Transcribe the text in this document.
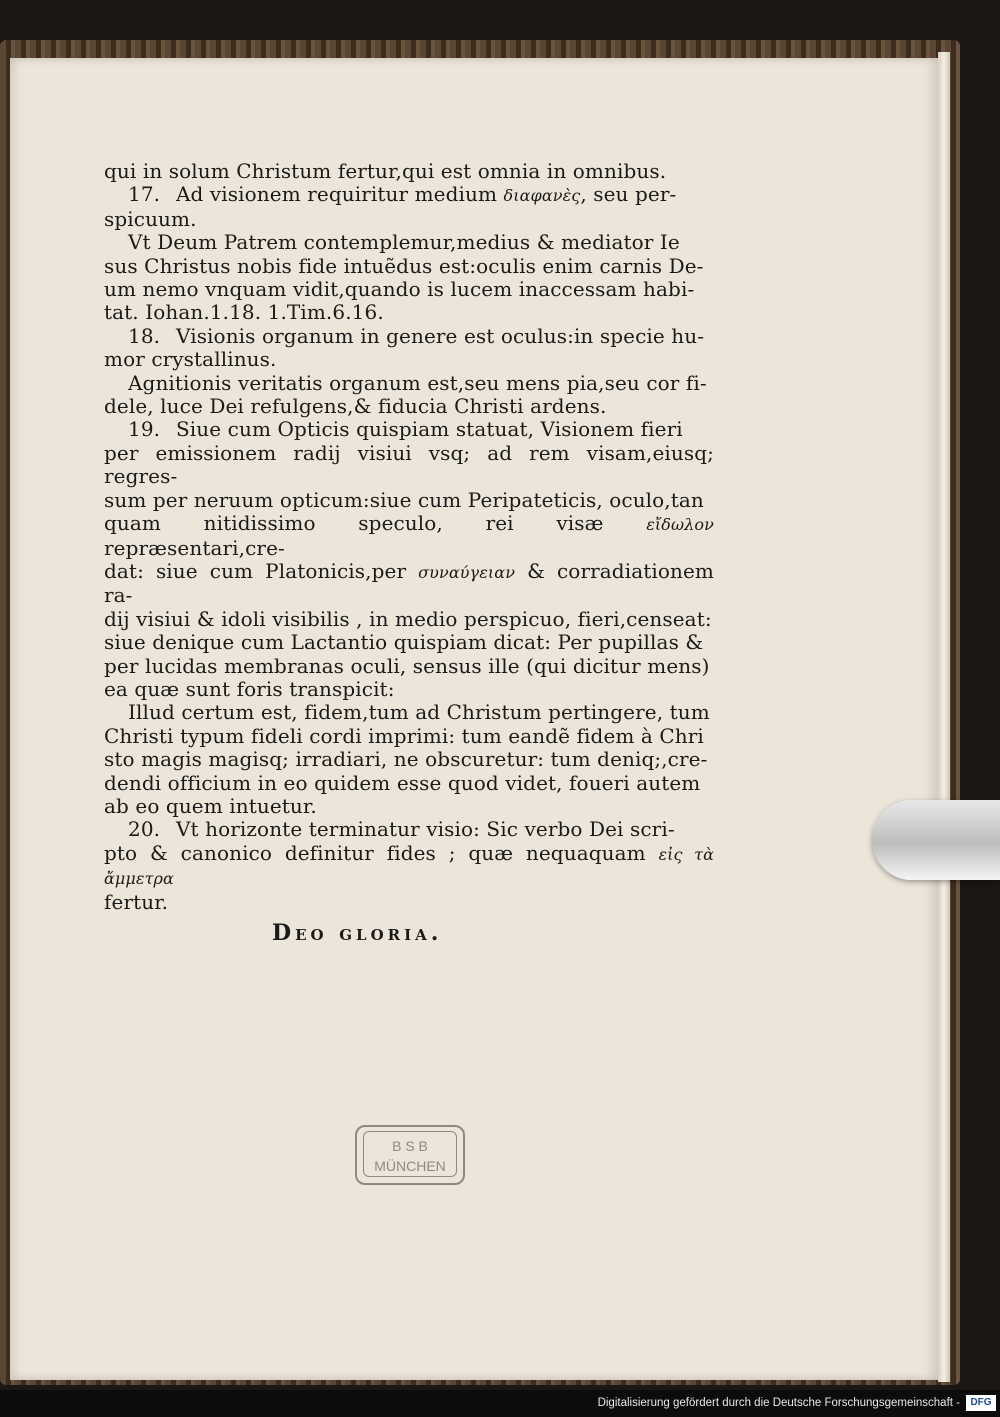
qui in solum Christum fertur,qui est omnia in omnibus.

17. Ad visionem requiritur medium διαφανὲς, seu per-

spicuum.

Vt Deum Patrem contemplemur,medius & mediator Ie

sus Christus nobis fide intuẽdus est:oculis enim carnis De-

um nemo vnquam vidit,quando is lucem inaccessam habi-

tat. Iohan.1.18. 1.Tim.6.16.

18. Visionis organum in genere est oculus:in specie hu-

mor crystallinus.

Agnitionis veritatis organum est,seu mens pia,seu cor fi-

dele, luce Dei refulgens,& fiducia Christi ardens.

19. Siue cum Opticis quispiam statuat, Visionem fieri

per emissionem radij visiui vsq; ad rem visam,eiusq; regres-

sum per neruum opticum:siue cum Peripateticis, oculo,tan

quam nitidissimo speculo, rei visæ	εἴδωλον repræsentari,cre-

dat: siue cum Platonicis,per συναύγειαν & corradiationem ra-

dij visiui & idoli visibilis , in medio perspicuo, fieri,censeat:

siue denique cum Lactantio quispiam dicat: Per pupillas &

per lucidas membranas oculi, sensus ille (qui dicitur mens)

ea quæ sunt foris transpicit:

Illud certum est, fidem,tum ad Christum pertingere, tum

Christi typum fideli cordi imprimi: tum eandẽ fidem à Chri

sto magis magisq; irradiari, ne obscuretur: tum deniq;,cre-

dendi officium in eo quidem esse quod videt, foueri autem

ab eo quem intuetur.

20. Vt horizonte terminatur visio: Sic verbo Dei scri-

pto & canonico definitur fides ; quæ nequaquam εἰς τὰ ἄμμετρα

fertur.

Deo gloria.
B S B
MÜNCHEN
Digitalisierung gefördert durch die Deutsche Forschungsgemeinschaft -	DFG
